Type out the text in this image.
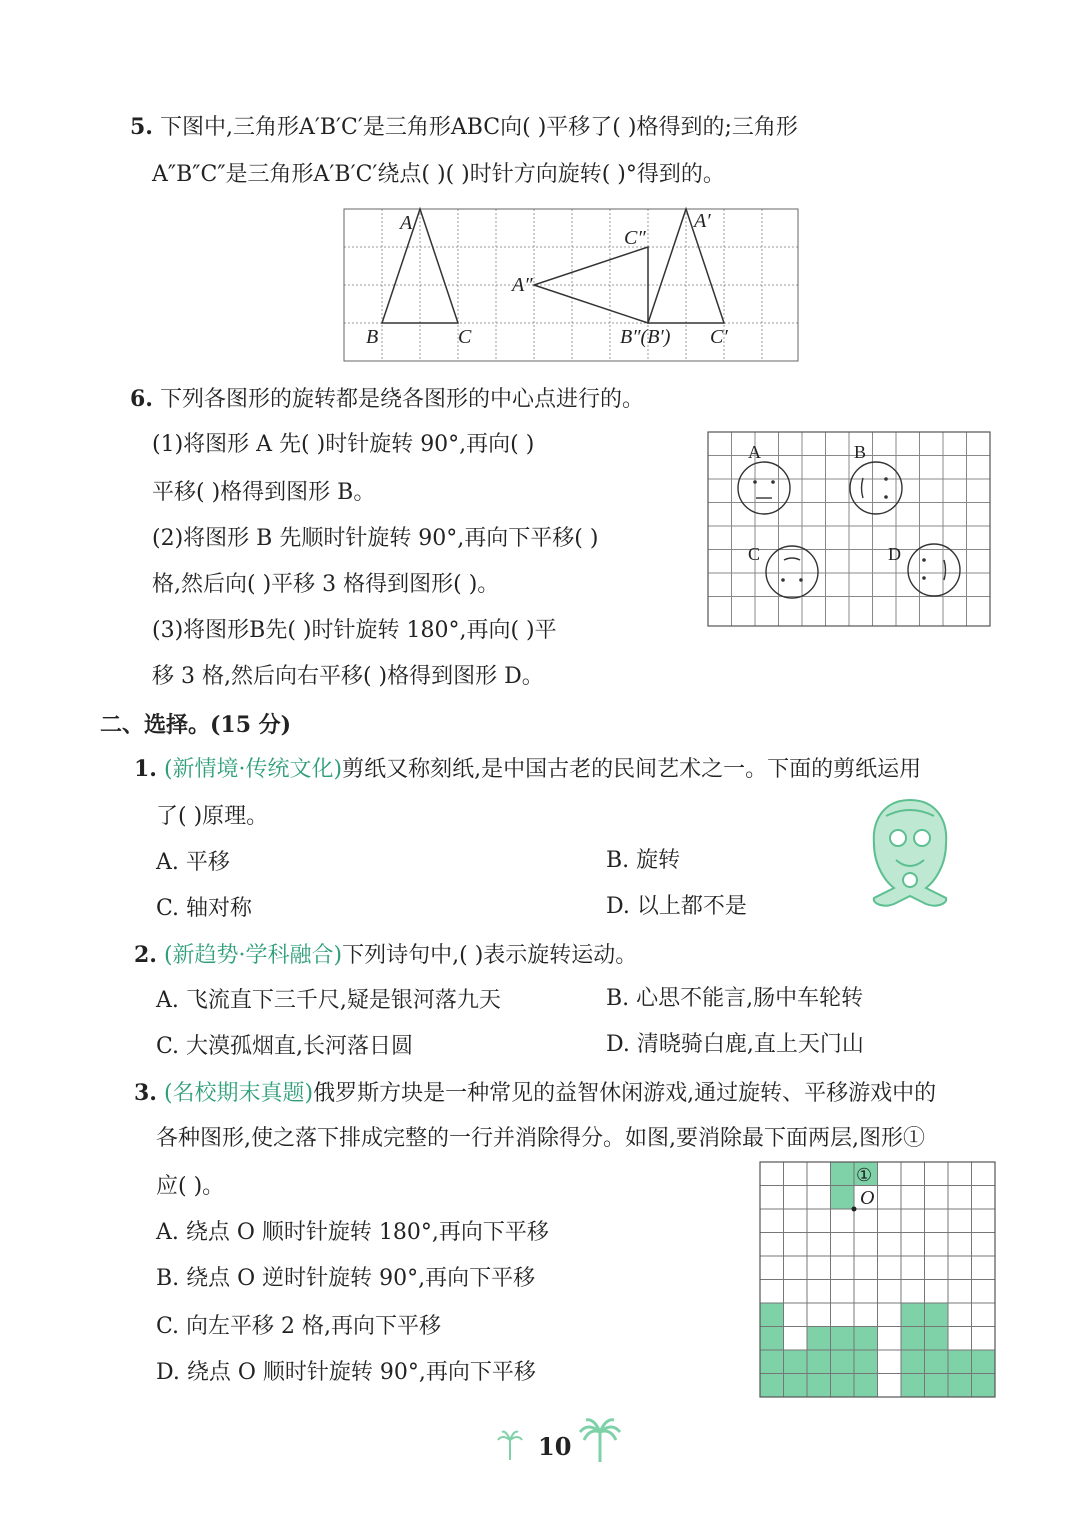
5. 下图中,三角形A′B′C′是三角形ABC向( )平移了( )格得到的;三角形
A″B″C″是三角形A′B′C′绕点( )( )时针方向旋转( )°得到的。
A
B	C
A′
C′
A″
C″
B″(B′)
6. 下列各图形的旋转都是绕各图形的中心点进行的。
(1)将图形 A 先( )时针旋转 90°,再向( )
平移( )格得到图形 B。
(2)将图形 B 先顺时针旋转 90°,再向下平移( )
格,然后向( )平移 3 格得到图形( )。
(3)将图形B先( )时针旋转 180°,再向( )平
移 3 格,然后向右平移( )格得到图形 D。
A	B
C	D
二、选择。(15 分)
1. (新情境·传统文化)剪纸又称刻纸,是中国古老的民间艺术之一。下面的剪纸运用
了( )原理。
A. 平移	B. 旋转
C. 轴对称	D. 以上都不是
2. (新趋势·学科融合)下列诗句中,( )表示旋转运动。
A. 飞流直下三千尺,疑是银河落九天	B. 心思不能言,肠中车轮转
C. 大漠孤烟直,长河落日圆	D. 清晓骑白鹿,直上天门山
3. (名校期末真题)俄罗斯方块是一种常见的益智休闲游戏,通过旋转、平移游戏中的
各种图形,使之落下排成完整的一行并消除得分。如图,要消除最下面两层,图形①
应( )。
A. 绕点 O 顺时针旋转 180°,再向下平移
B. 绕点 O 逆时针旋转 90°,再向下平移
C. 向左平移 2 格,再向下平移
D. 绕点 O 顺时针旋转 90°,再向下平移
①
O
10
